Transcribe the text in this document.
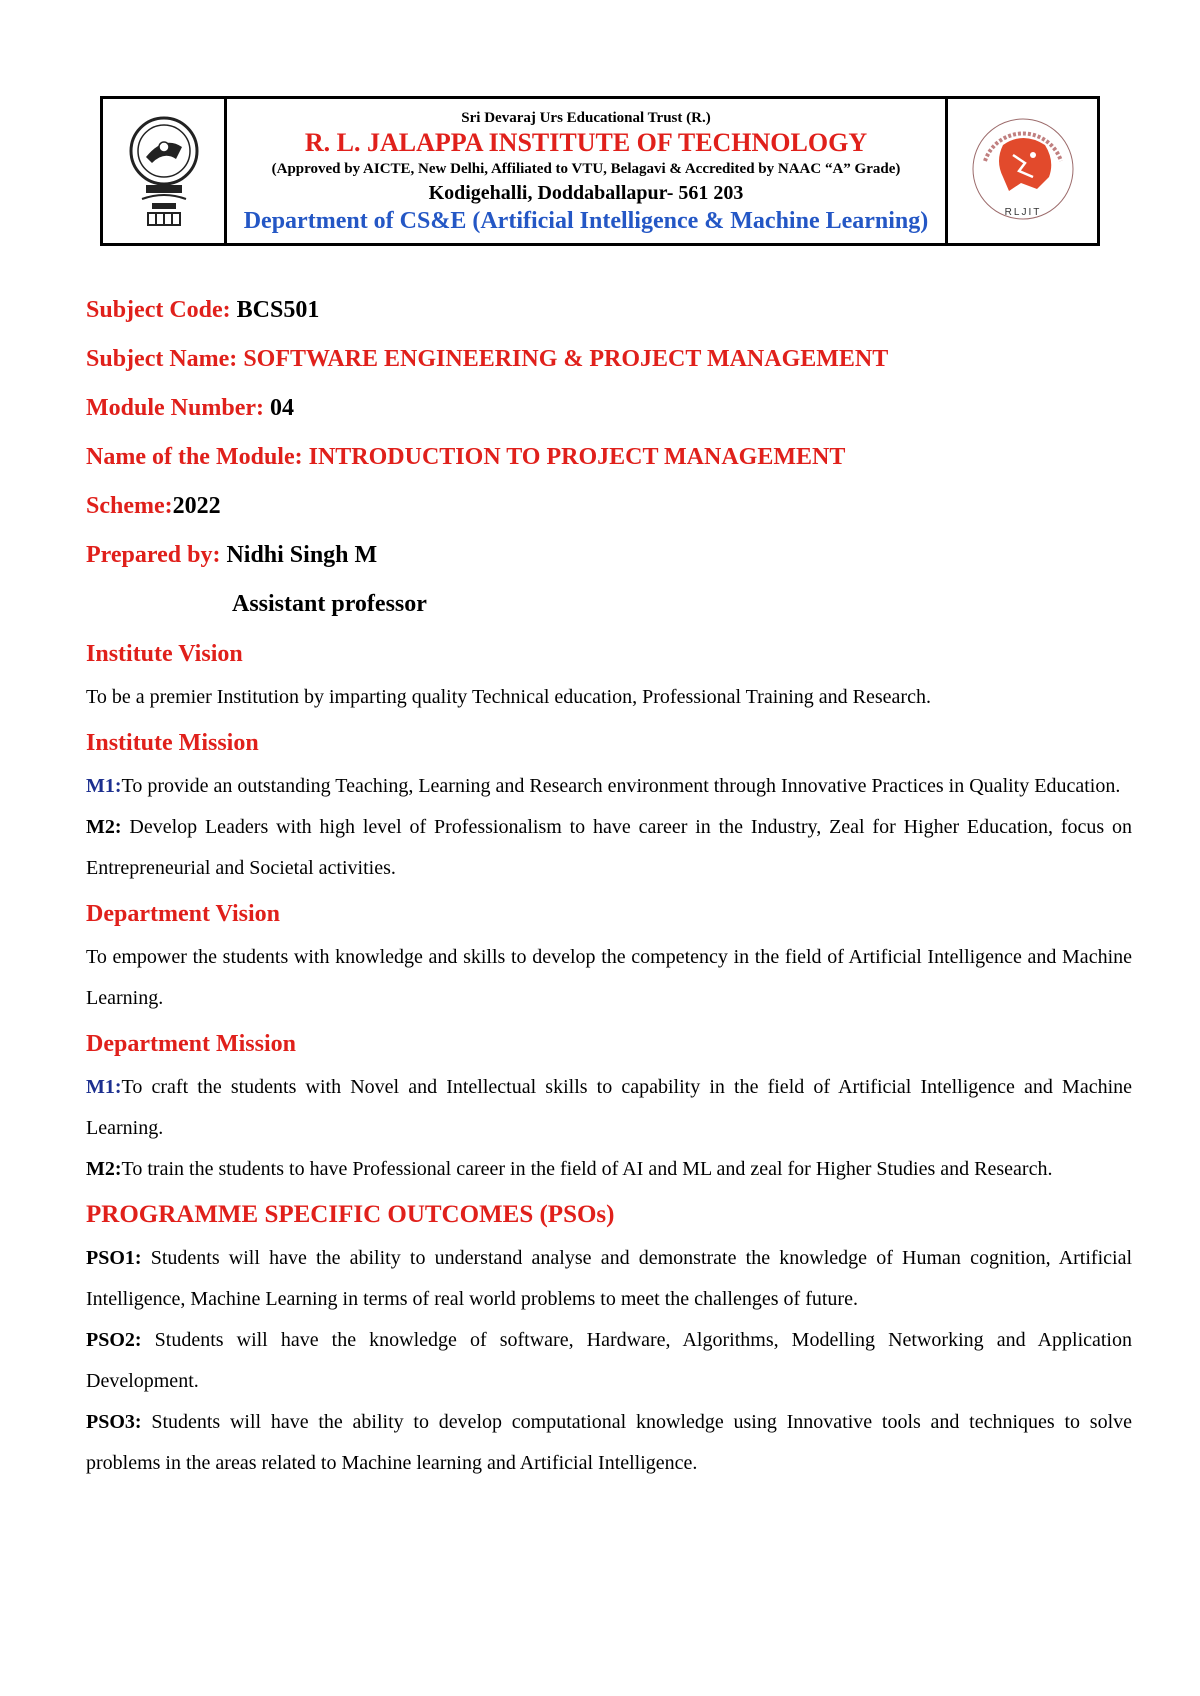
Sri Devaraj Urs Educational Trust (R.)
R. L. JALAPPA INSTITUTE OF TECHNOLOGY
(Approved by AICTE, New Delhi, Affiliated to VTU, Belagavi & Accredited by NAAC “A” Grade)
Kodigehalli, Doddaballapur- 561 203
Department of CS&E (Artificial Intelligence & Machine Learning)	RLJIT
Subject Code: BCS501
Subject Name: SOFTWARE ENGINEERING & PROJECT MANAGEMENT
Module Number: 04
Name of the Module: INTRODUCTION TO PROJECT MANAGEMENT
Scheme:2022
Prepared by: Nidhi Singh M
Assistant professor
Institute Vision
To be a premier Institution by imparting quality Technical education, Professional Training and Research.
Institute Mission
M1:To provide an outstanding Teaching, Learning and Research environment through Innovative Practices in Quality Education.
M2: Develop Leaders with high level of Professionalism to have career in the Industry, Zeal for Higher Education, focus on Entrepreneurial and Societal activities.
Department Vision
To empower the students with knowledge and skills to develop the competency in the field of Artificial Intelligence and Machine Learning.
Department Mission
M1:To craft the students with Novel and Intellectual skills to capability in the field of Artificial Intelligence and Machine Learning.
M2:To train the students to have Professional career in the field of AI and ML and zeal for Higher Studies and Research.
PROGRAMME SPECIFIC OUTCOMES (PSOs)
PSO1: Students will have the ability to understand analyse and demonstrate the knowledge of Human cognition, Artificial Intelligence, Machine Learning in terms of real world problems to meet the challenges of future.
PSO2: Students will have the knowledge of software, Hardware, Algorithms, Modelling Networking and Application Development.
PSO3: Students will have the ability to develop computational knowledge using Innovative tools and techniques to solve problems in the areas related to Machine learning and Artificial Intelligence.
